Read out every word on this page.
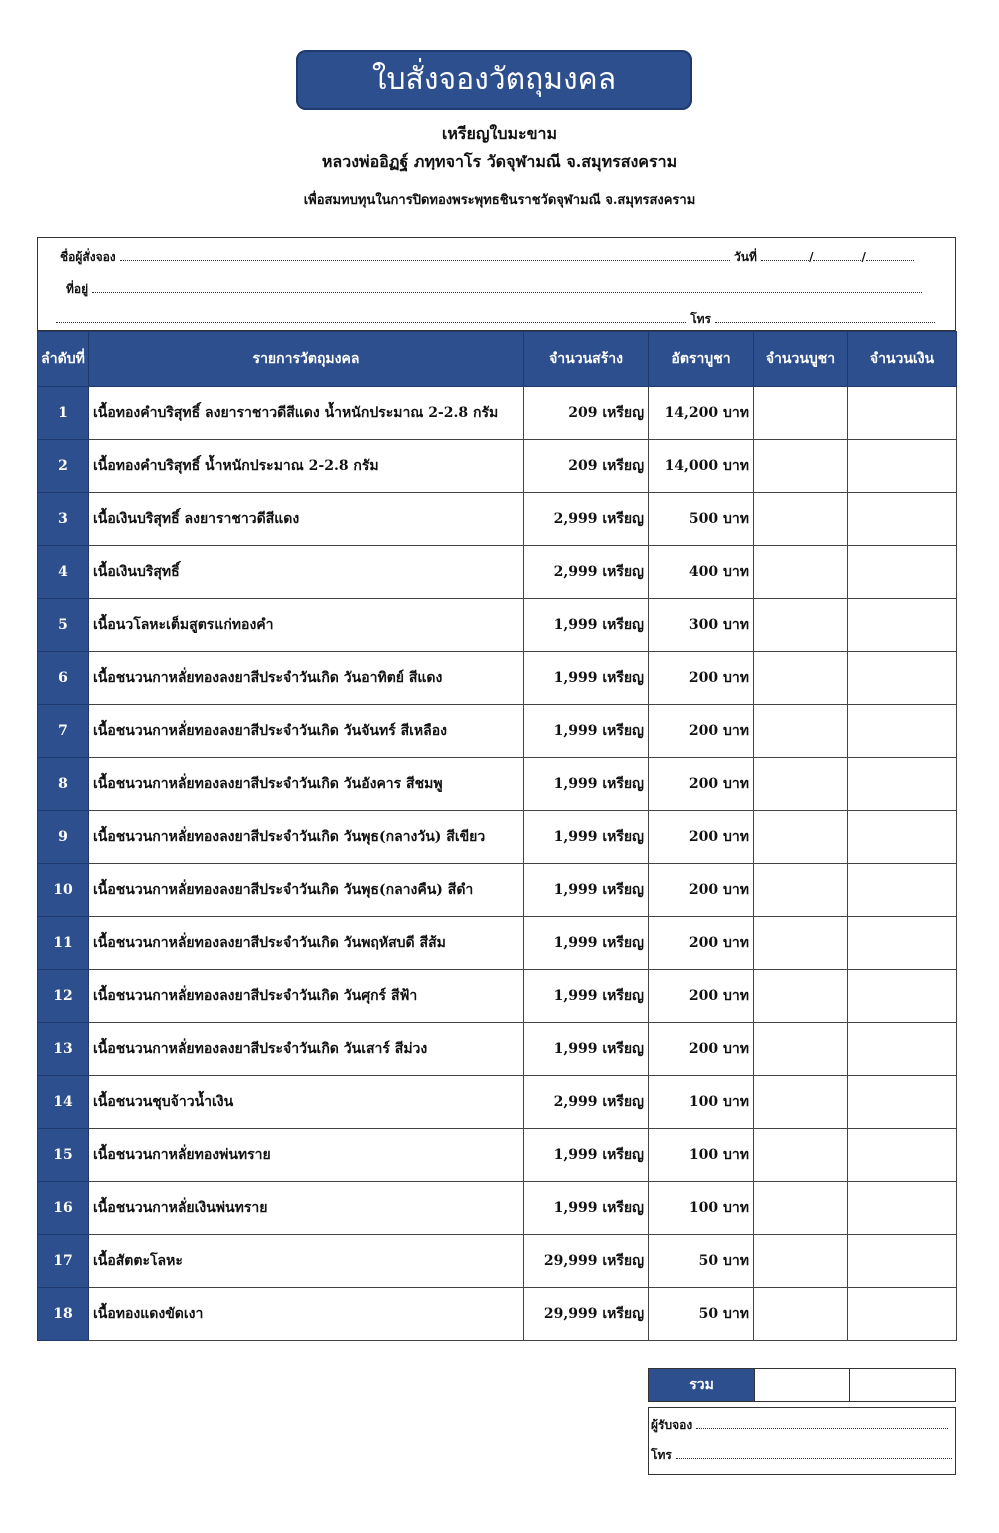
ใบสั่งจองวัตถุมงคล
เหรียญใบมะขาม
หลวงพ่ออิฏฐ์ ภทฺทจาโร วัดจุฬามณี จ.สมุทรสงคราม
เพื่อสมทบทุนในการปิดทองพระพุทธชินราชวัดจุฬามณี จ.สมุทรสงคราม
ชื่อผู้สั่งจอง	วันที่	/	/
ที่อยู่
โทร
ลำดับที่	รายการวัตถุมงคล	จำนวนสร้าง	อัตราบูชา	จำนวนบูชา	จำนวนเงิน
1	เนื้อทองคำบริสุทธิ์ ลงยาราชาวดีสีแดง น้ำหนักประมาณ 2-2.8 กรัม	209 เหรียญ	14,200 บาท		
2	เนื้อทองคำบริสุทธิ์ น้ำหนักประมาณ 2-2.8 กรัม	209 เหรียญ	14,000 บาท		
3	เนื้อเงินบริสุทธิ์ ลงยาราชาวดีสีแดง	2,999 เหรียญ	500 บาท		
4	เนื้อเงินบริสุทธิ์	2,999 เหรียญ	400 บาท		
5	เนื้อนวโลหะเต็มสูตรแก่ทองคำ	1,999 เหรียญ	300 บาท		
6	เนื้อชนวนกาหลั่ยทองลงยาสีประจำวันเกิด วันอาทิตย์ สีแดง	1,999 เหรียญ	200 บาท		
7	เนื้อชนวนกาหลั่ยทองลงยาสีประจำวันเกิด วันจันทร์ สีเหลือง	1,999 เหรียญ	200 บาท		
8	เนื้อชนวนกาหลั่ยทองลงยาสีประจำวันเกิด วันอังคาร สีชมพู	1,999 เหรียญ	200 บาท		
9	เนื้อชนวนกาหลั่ยทองลงยาสีประจำวันเกิด วันพุธ(กลางวัน) สีเขียว	1,999 เหรียญ	200 บาท		
10	เนื้อชนวนกาหลั่ยทองลงยาสีประจำวันเกิด วันพุธ(กลางคืน) สีดำ	1,999 เหรียญ	200 บาท		
11	เนื้อชนวนกาหลั่ยทองลงยาสีประจำวันเกิด วันพฤหัสบดี สีส้ม	1,999 เหรียญ	200 บาท		
12	เนื้อชนวนกาหลั่ยทองลงยาสีประจำวันเกิด วันศุกร์ สีฟ้า	1,999 เหรียญ	200 บาท		
13	เนื้อชนวนกาหลั่ยทองลงยาสีประจำวันเกิด วันเสาร์ สีม่วง	1,999 เหรียญ	200 บาท		
14	เนื้อชนวนชุบจ้าวน้ำเงิน	2,999 เหรียญ	100 บาท		
15	เนื้อชนวนกาหลั่ยทองพ่นทราย	1,999 เหรียญ	100 บาท		
16	เนื้อชนวนกาหลั่ยเงินพ่นทราย	1,999 เหรียญ	100 บาท		
17	เนื้อสัตตะโลหะ	29,999 เหรียญ	50 บาท		
18	เนื้อทองแดงขัดเงา	29,999 เหรียญ	50 บาท		
รวม
ผู้รับจอง
โทร
